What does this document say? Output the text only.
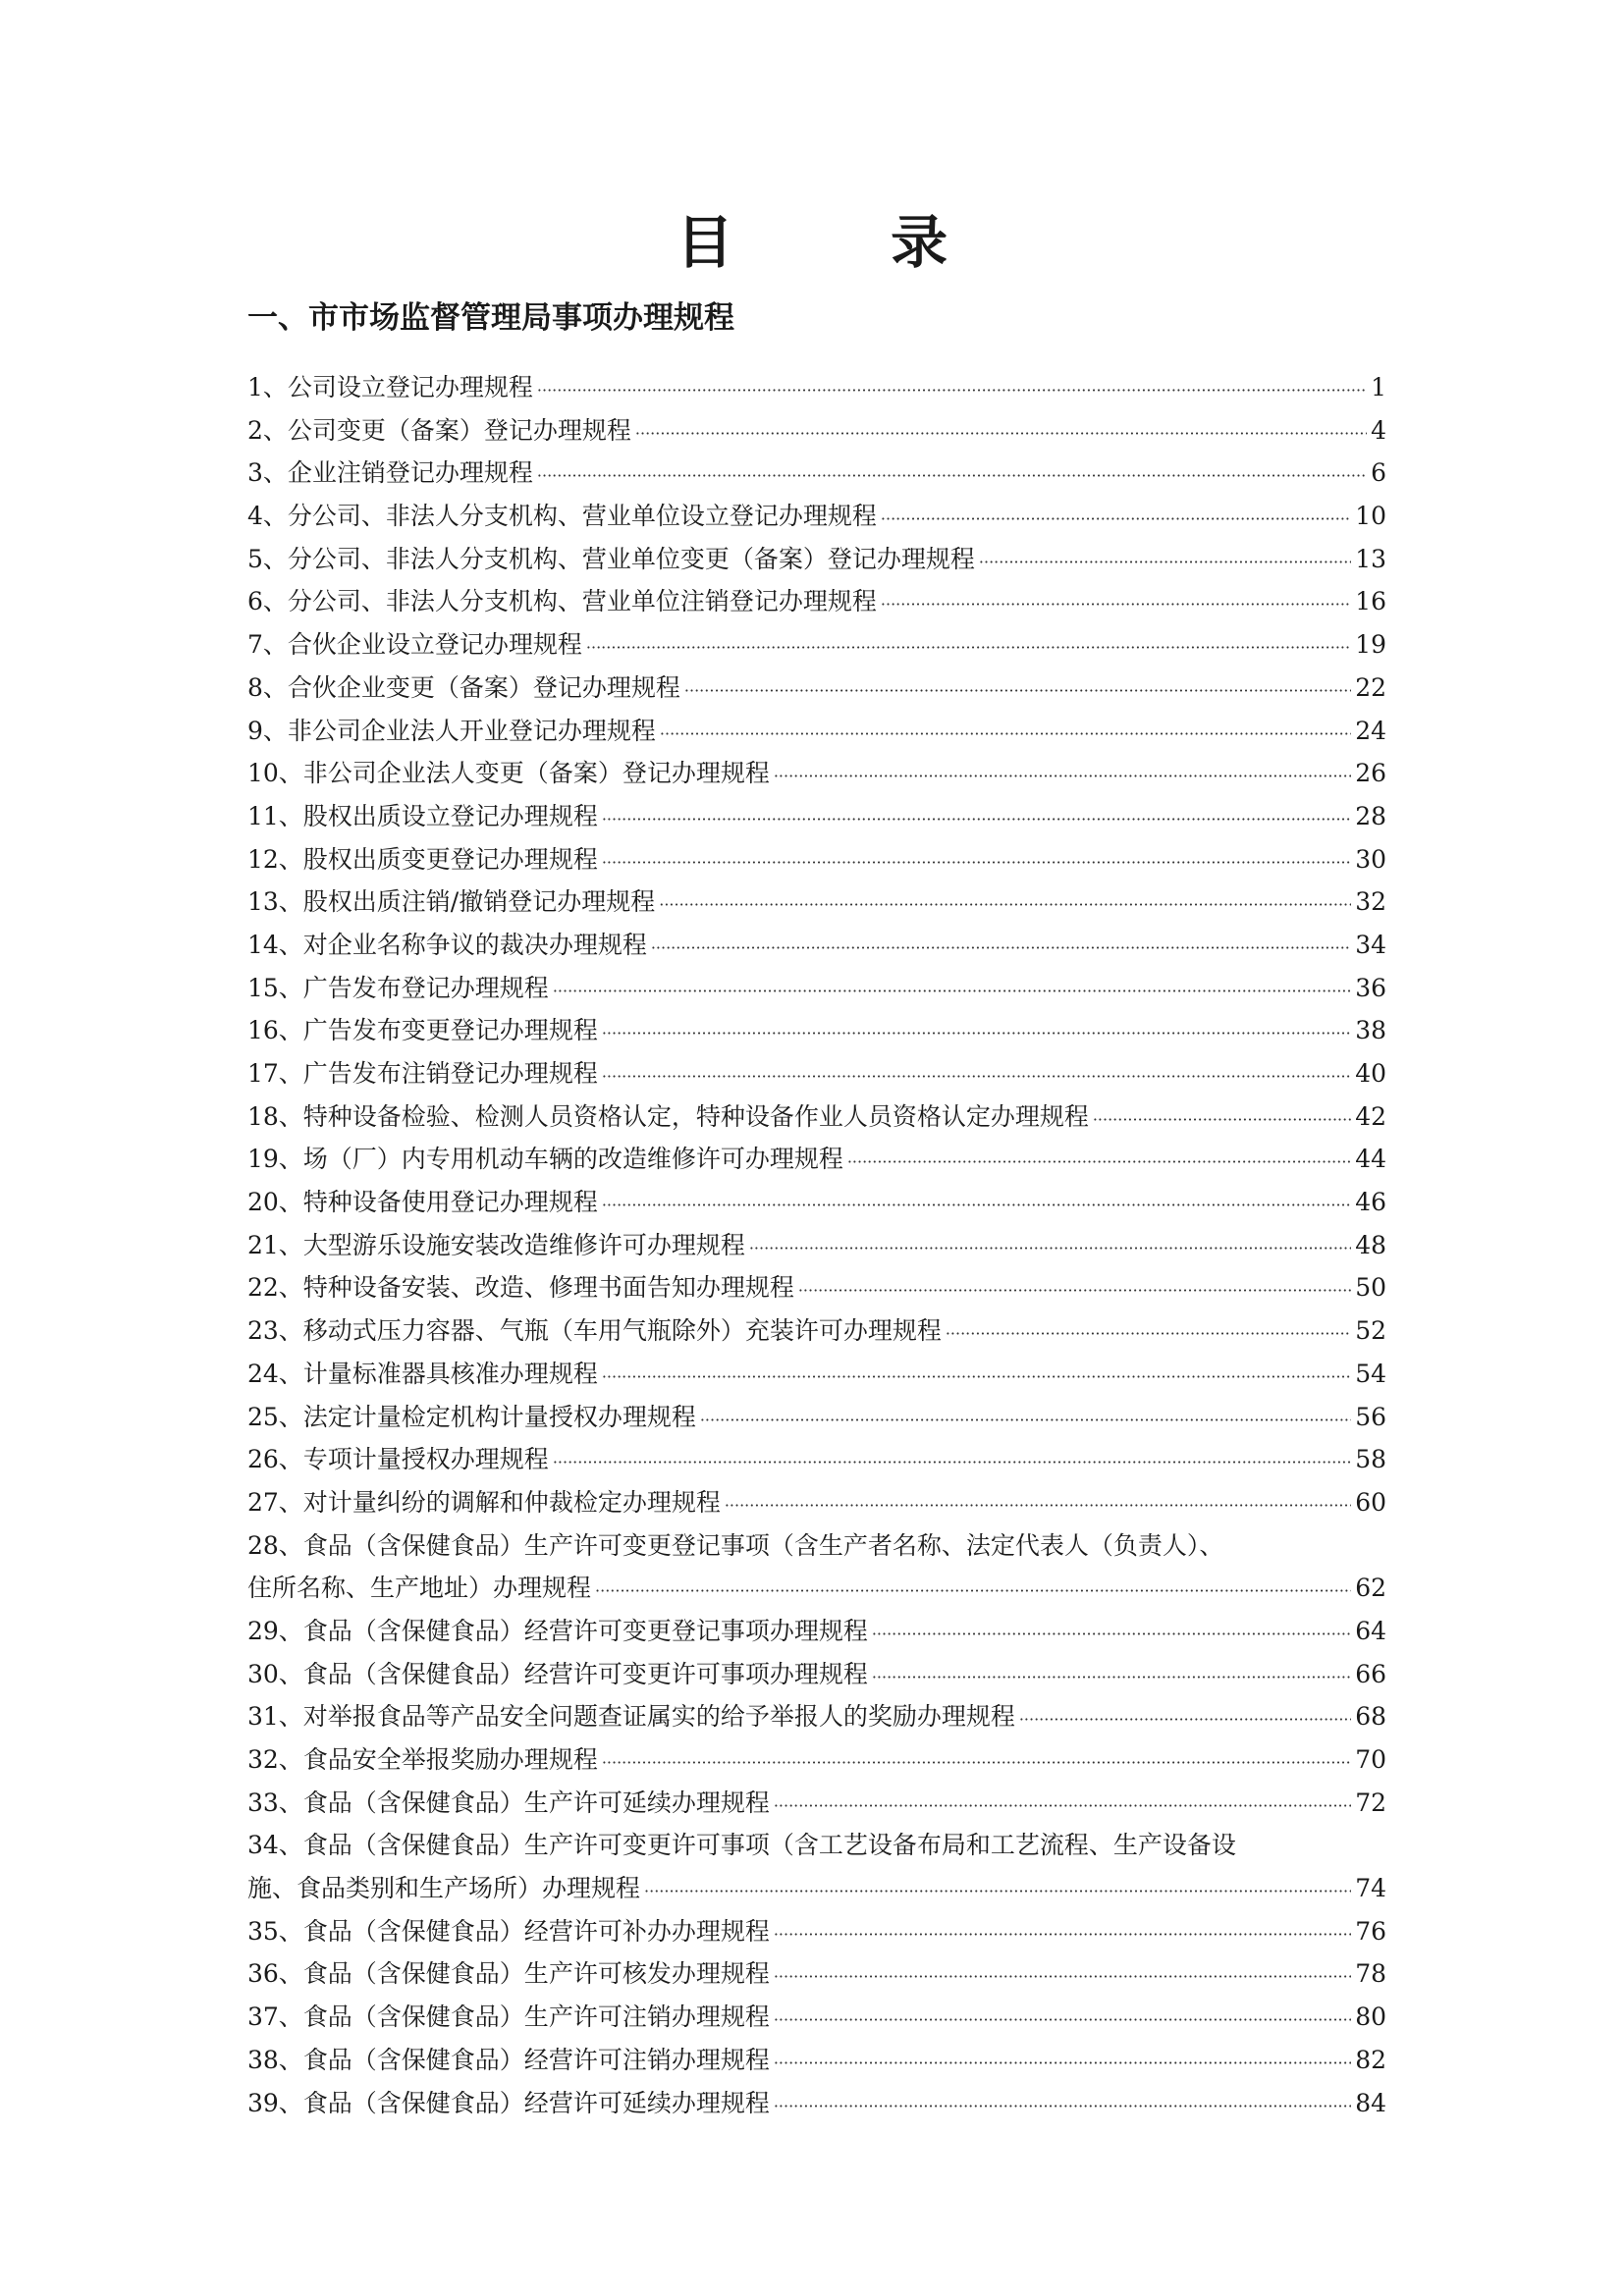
目 录
一、市市场监督管理局事项办理规程
1、公司设立登记办理规程 ·····	1
2、公司变更（备案）登记办理规程 ·····	4
3、企业注销登记办理规程 ·····	6
4、分公司、非法人分支机构、营业单位设立登记办理规程 ·····	10
5、分公司、非法人分支机构、营业单位变更（备案）登记办理规程 ·····	13
6、分公司、非法人分支机构、营业单位注销登记办理规程 ·····	16
7、合伙企业设立登记办理规程 ·····	19
8、合伙企业变更（备案）登记办理规程 ·····	22
9、非公司企业法人开业登记办理规程 ·····	24
10、非公司企业法人变更（备案）登记办理规程 ·····	26
11、股权出质设立登记办理规程 ·····	28
12、股权出质变更登记办理规程 ·····	30
13、股权出质注销/撤销登记办理规程 ·····	32
14、对企业名称争议的裁决办理规程 ·····	34
15、广告发布登记办理规程 ·····	36
16、广告发布变更登记办理规程 ·····	38
17、广告发布注销登记办理规程 ·····	40
18、特种设备检验、检测人员资格认定，特种设备作业人员资格认定办理规程 ·····	42
19、场（厂）内专用机动车辆的改造维修许可办理规程 ·····	44
20、特种设备使用登记办理规程 ·····	46
21、大型游乐设施安装改造维修许可办理规程 ·····	48
22、特种设备安装、改造、修理书面告知办理规程 ·····	50
23、移动式压力容器、气瓶（车用气瓶除外）充装许可办理规程 ·····	52
24、计量标准器具核准办理规程 ·····	54
25、法定计量检定机构计量授权办理规程 ·····	56
26、专项计量授权办理规程 ·····	58
27、对计量纠纷的调解和仲裁检定办理规程 ·····	60
28、食品（含保健食品）生产许可变更登记事项（含生产者名称、法定代表人（负责人）、
住所名称、生产地址）办理规程 ·····	62
29、食品（含保健食品）经营许可变更登记事项办理规程 ·····	64
30、食品（含保健食品）经营许可变更许可事项办理规程 ·····	66
31、对举报食品等产品安全问题查证属实的给予举报人的奖励办理规程 ·····	68
32、食品安全举报奖励办理规程 ·····	70
33、食品（含保健食品）生产许可延续办理规程 ·····	72
34、食品（含保健食品）生产许可变更许可事项（含工艺设备布局和工艺流程、生产设备设
施、食品类别和生产场所）办理规程 ·····	74
35、食品（含保健食品）经营许可补办办理规程 ·····	76
36、食品（含保健食品）生产许可核发办理规程 ·····	78
37、食品（含保健食品）生产许可注销办理规程 ·····	80
38、食品（含保健食品）经营许可注销办理规程 ·····	82
39、食品（含保健食品）经营许可延续办理规程 ·····	84
